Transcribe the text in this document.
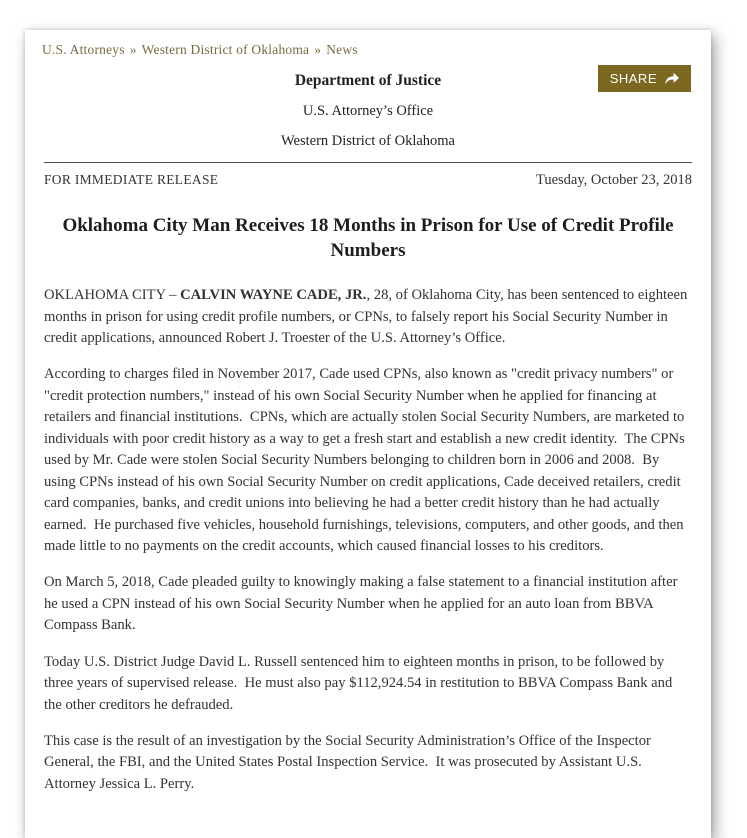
U.S. Attorneys » Western District of Oklahoma » News
SHARE
Department of Justice
U.S. Attorney’s Office
Western District of Oklahoma
FOR IMMEDIATE RELEASE	Tuesday, October 23, 2018
Oklahoma City Man Receives 18 Months in Prison for Use of Credit Profile Numbers

OKLAHOMA CITY – CALVIN WAYNE CADE, JR., 28, of Oklahoma City, has been sentenced to eighteen months in prison for using credit profile numbers, or CPNs, to falsely report his Social Security Number in credit applications, announced Robert J. Troester of the U.S. Attorney’s Office.

According to charges filed in November 2017, Cade used CPNs, also known as "credit privacy numbers" or "credit protection numbers," instead of his own Social Security Number when he applied for financing at retailers and financial institutions.  CPNs, which are actually stolen Social Security Numbers, are marketed to individuals with poor credit history as a way to get a fresh start and establish a new credit identity.  The CPNs used by Mr. Cade were stolen Social Security Numbers belonging to children born in 2006 and 2008.  By using CPNs instead of his own Social Security Number on credit applications, Cade deceived retailers, credit card companies, banks, and credit unions into believing he had a better credit history than he had actually earned.  He purchased five vehicles, household furnishings, televisions, computers, and other goods, and then made little to no payments on the credit accounts, which caused financial losses to his creditors.

On March 5, 2018, Cade pleaded guilty to knowingly making a false statement to a financial institution after he used a CPN instead of his own Social Security Number when he applied for an auto loan from BBVA Compass Bank.

Today U.S. District Judge David L. Russell sentenced him to eighteen months in prison, to be followed by three years of supervised release.  He must also pay $112,924.54 in restitution to BBVA Compass Bank and the other creditors he defrauded.

This case is the result of an investigation by the Social Security Administration’s Office of the Inspector General, the FBI, and the United States Postal Inspection Service.  It was prosecuted by Assistant U.S. Attorney Jessica L. Perry.
